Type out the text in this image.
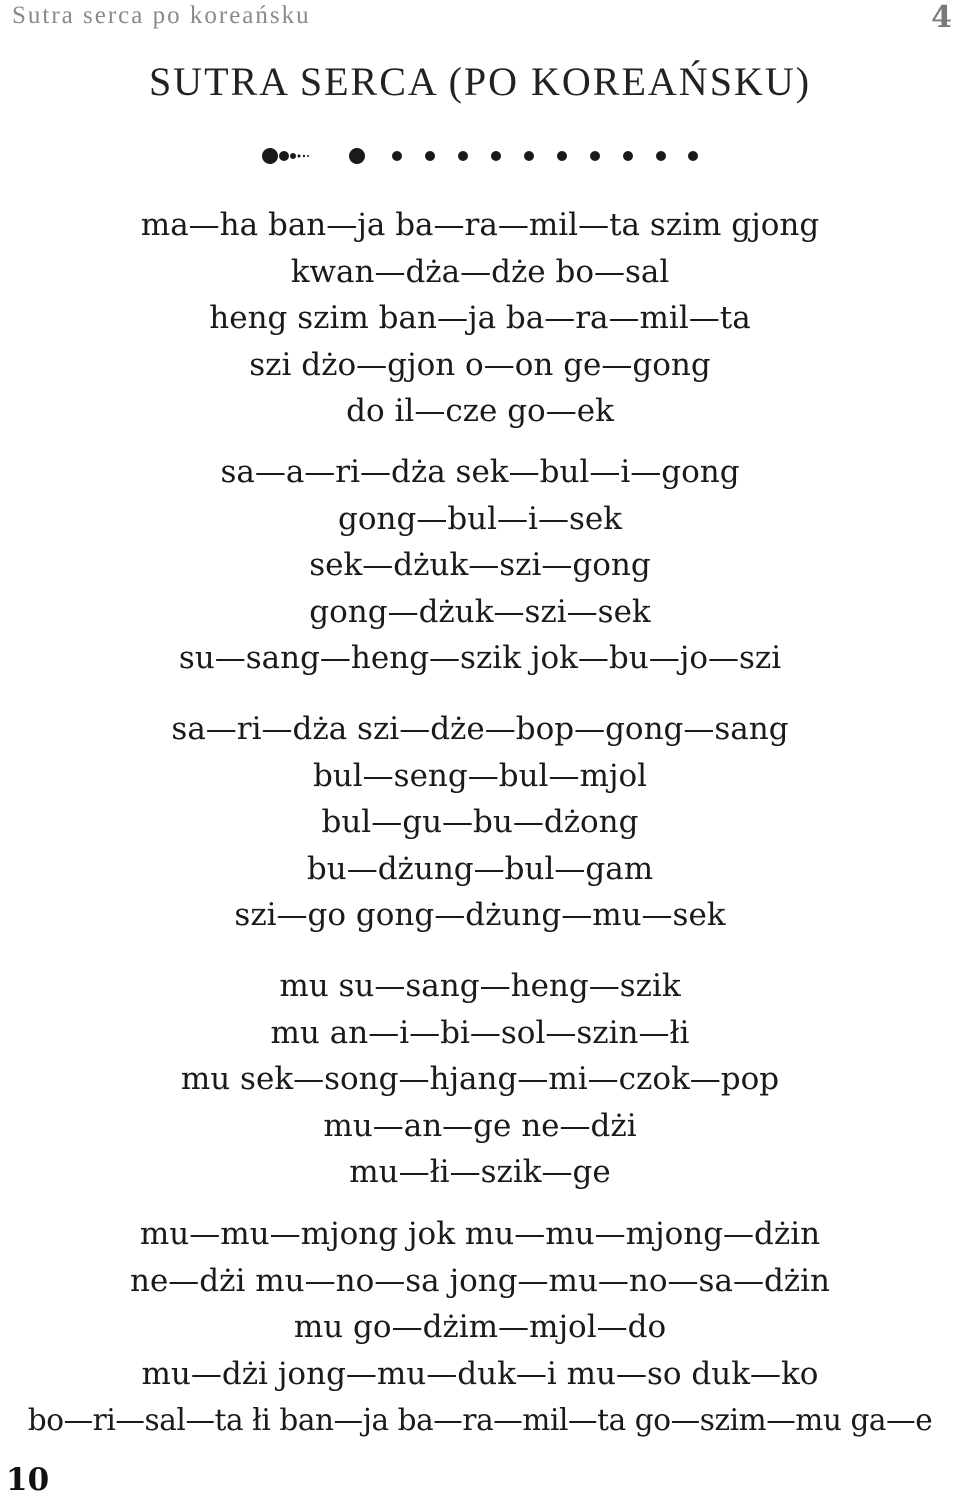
Sutra serca po koreańsku	4
SUTRA SERCA (PO KOREAŃSKU)
ma—ha ban—ja ba—ra—mil—ta szim gjong
kwan—dża—dże bo—sal
heng szim ban—ja ba—ra—mil—ta
szi dżo—gjon o—on ge—gong
do il—cze go—ek
sa—a—ri—dża sek—bul—i—gong
gong—bul—i—sek
sek—dżuk—szi—gong
gong—dżuk—szi—sek
su—sang—heng—szik jok—bu—jo—szi
sa—ri—dża szi—dże—bop—gong—sang
bul—seng—bul—mjol
bul—gu—bu—dżong
bu—dżung—bul—gam
szi—go gong—dżung—mu—sek
mu su—sang—heng—szik
mu an—i—bi—sol—szin—łi
mu sek—song—hjang—mi—czok—pop
mu—an—ge ne—dżi
mu—łi—szik—ge
mu—mu—mjong jok mu—mu—mjong—dżin
ne—dżi mu—no—sa jong—mu—no—sa—dżin
mu go—dżim—mjol—do
mu—dżi jong—mu—duk—i mu—so duk—ko
bo—ri—sal—ta łi ban—ja ba—ra—mil—ta go—szim—mu ga—e
10
